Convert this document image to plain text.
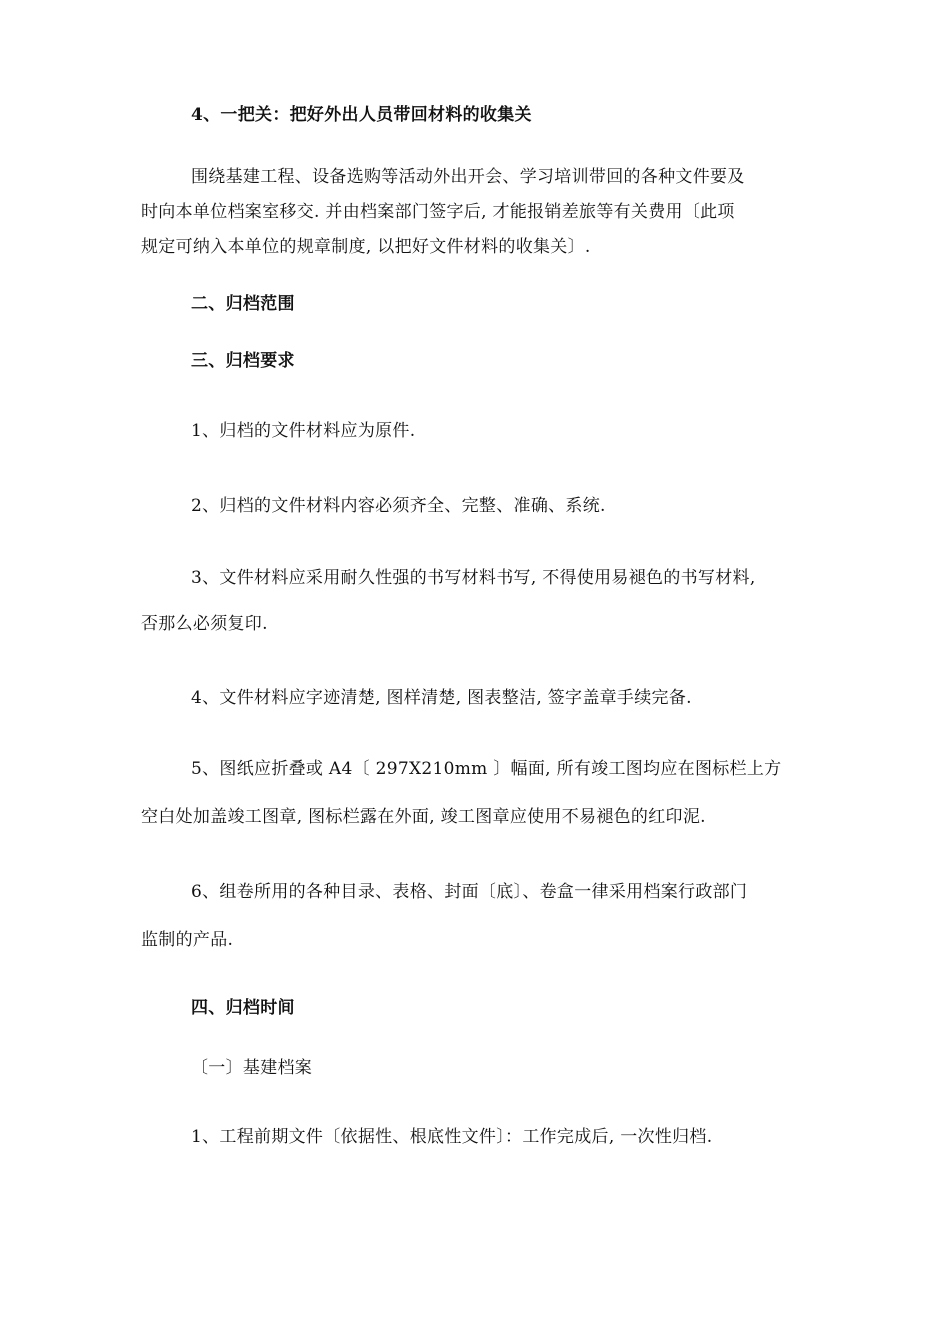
4、一把关：把好外出人员带回材料的收集关
围绕基建工程、设备选购等活动外出开会、学习培训带回的各种文件要及
时向本单位档案室移交. 并由档案部门签字后, 才能报销差旅等有关费用〔此项
规定可纳入本单位的规章制度, 以把好文件材料的收集关〕.
二、归档范围
三、归档要求
1、归档的文件材料应为原件.
2、归档的文件材料内容必须齐全、完整、准确、系统.
3、文件材料应采用耐久性强的书写材料书写, 不得使用易褪色的书写材料,
否那么必须复印.
4、文件材料应字迹清楚, 图样清楚, 图表整洁, 签字盖章手续完备.
5、图纸应折叠或 A4〔 297X210mm 〕幅面, 所有竣工图均应在图标栏上方
空白处加盖竣工图章, 图标栏露在外面, 竣工图章应使用不易褪色的红印泥.
6、组卷所用的各种目录、表格、封面〔底〕、卷盒一律采用档案行政部门
监制的产品.
四、归档时间
〔一〕基建档案
1、工程前期文件〔依据性、根底性文件〕：工作完成后, 一次性归档.
